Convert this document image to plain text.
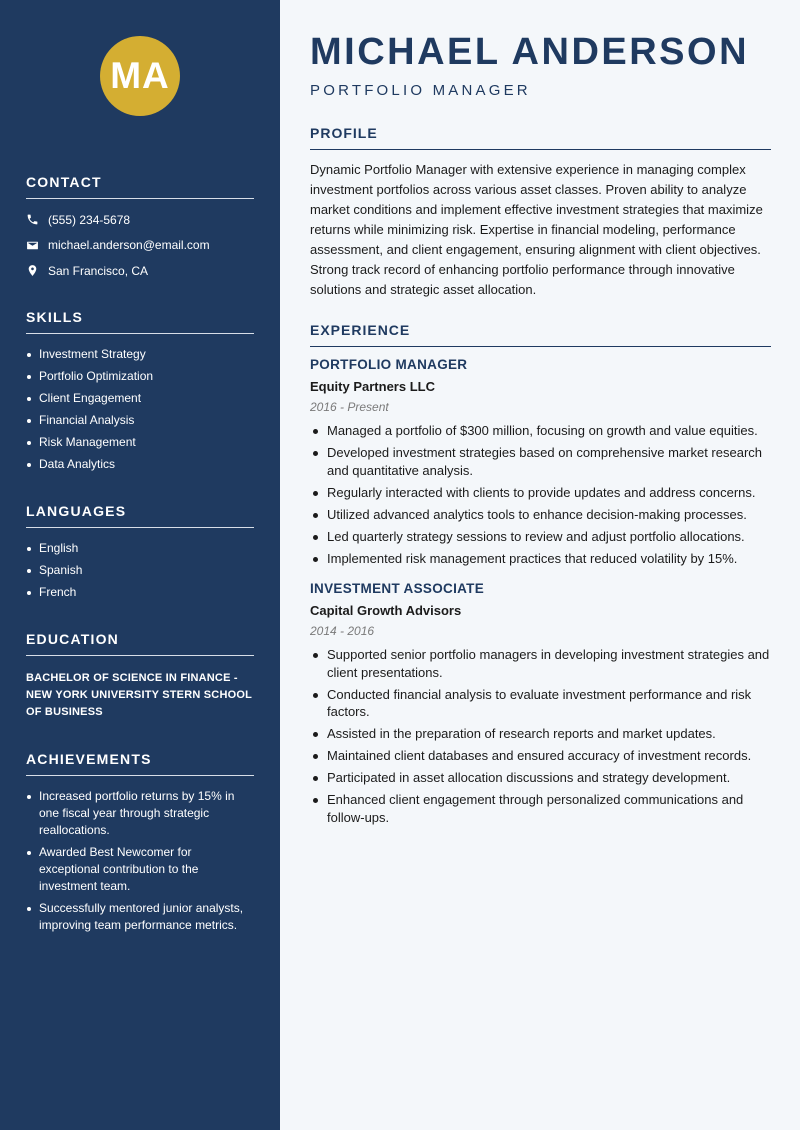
MA
CONTACT
(555) 234-5678
michael.anderson@email.com
San Francisco, CA
SKILLS
Investment Strategy
Portfolio Optimization
Client Engagement
Financial Analysis
Risk Management
Data Analytics
LANGUAGES
English
Spanish
French
EDUCATION
BACHELOR OF SCIENCE IN FINANCE - NEW YORK UNIVERSITY STERN SCHOOL OF BUSINESS
ACHIEVEMENTS
Increased portfolio returns by 15% in one fiscal year through strategic reallocations.
Awarded Best Newcomer for exceptional contribution to the investment team.
Successfully mentored junior analysts, improving team performance metrics.
MICHAEL ANDERSON
PORTFOLIO MANAGER
PROFILE

Dynamic Portfolio Manager with extensive experience in managing complex investment portfolios across various asset classes. Proven ability to analyze market conditions and implement effective investment strategies that maximize returns while minimizing risk. Expertise in financial modeling, performance assessment, and client engagement, ensuring alignment with client objectives. Strong track record of enhancing portfolio performance through innovative solutions and strategic asset allocation.

EXPERIENCE
PORTFOLIO MANAGER
Equity Partners LLC
2016 - Present
Managed a portfolio of $300 million, focusing on growth and value equities.
Developed investment strategies based on comprehensive market research and quantitative analysis.
Regularly interacted with clients to provide updates and address concerns.
Utilized advanced analytics tools to enhance decision-making processes.
Led quarterly strategy sessions to review and adjust portfolio allocations.
Implemented risk management practices that reduced volatility by 15%.
INVESTMENT ASSOCIATE
Capital Growth Advisors
2014 - 2016
Supported senior portfolio managers in developing investment strategies and client presentations.
Conducted financial analysis to evaluate investment performance and risk factors.
Assisted in the preparation of research reports and market updates.
Maintained client databases and ensured accuracy of investment records.
Participated in asset allocation discussions and strategy development.
Enhanced client engagement through personalized communications and follow-ups.
